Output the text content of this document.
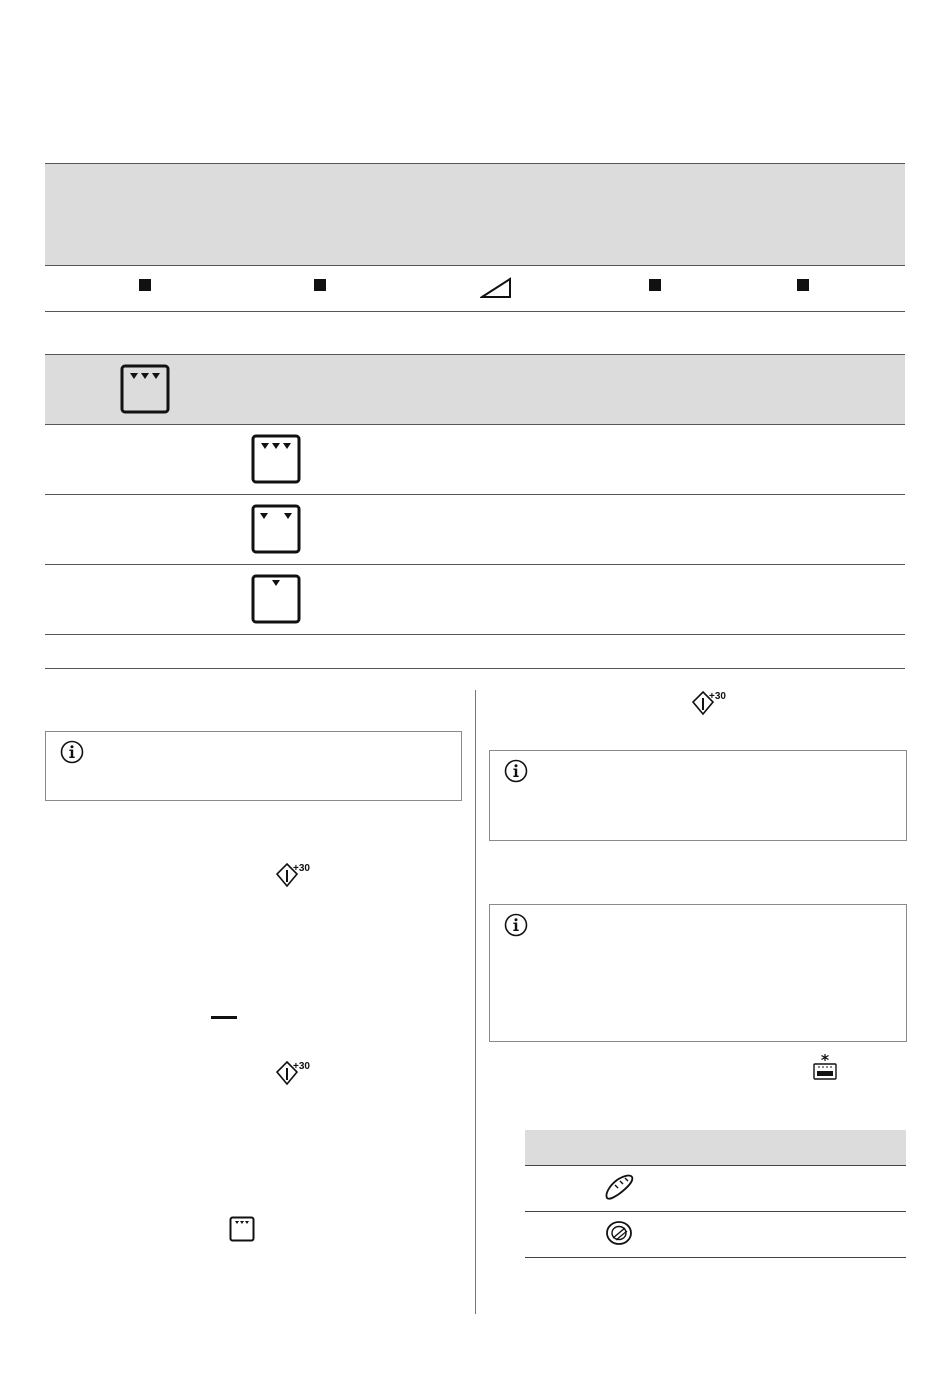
+30
+30
+30
